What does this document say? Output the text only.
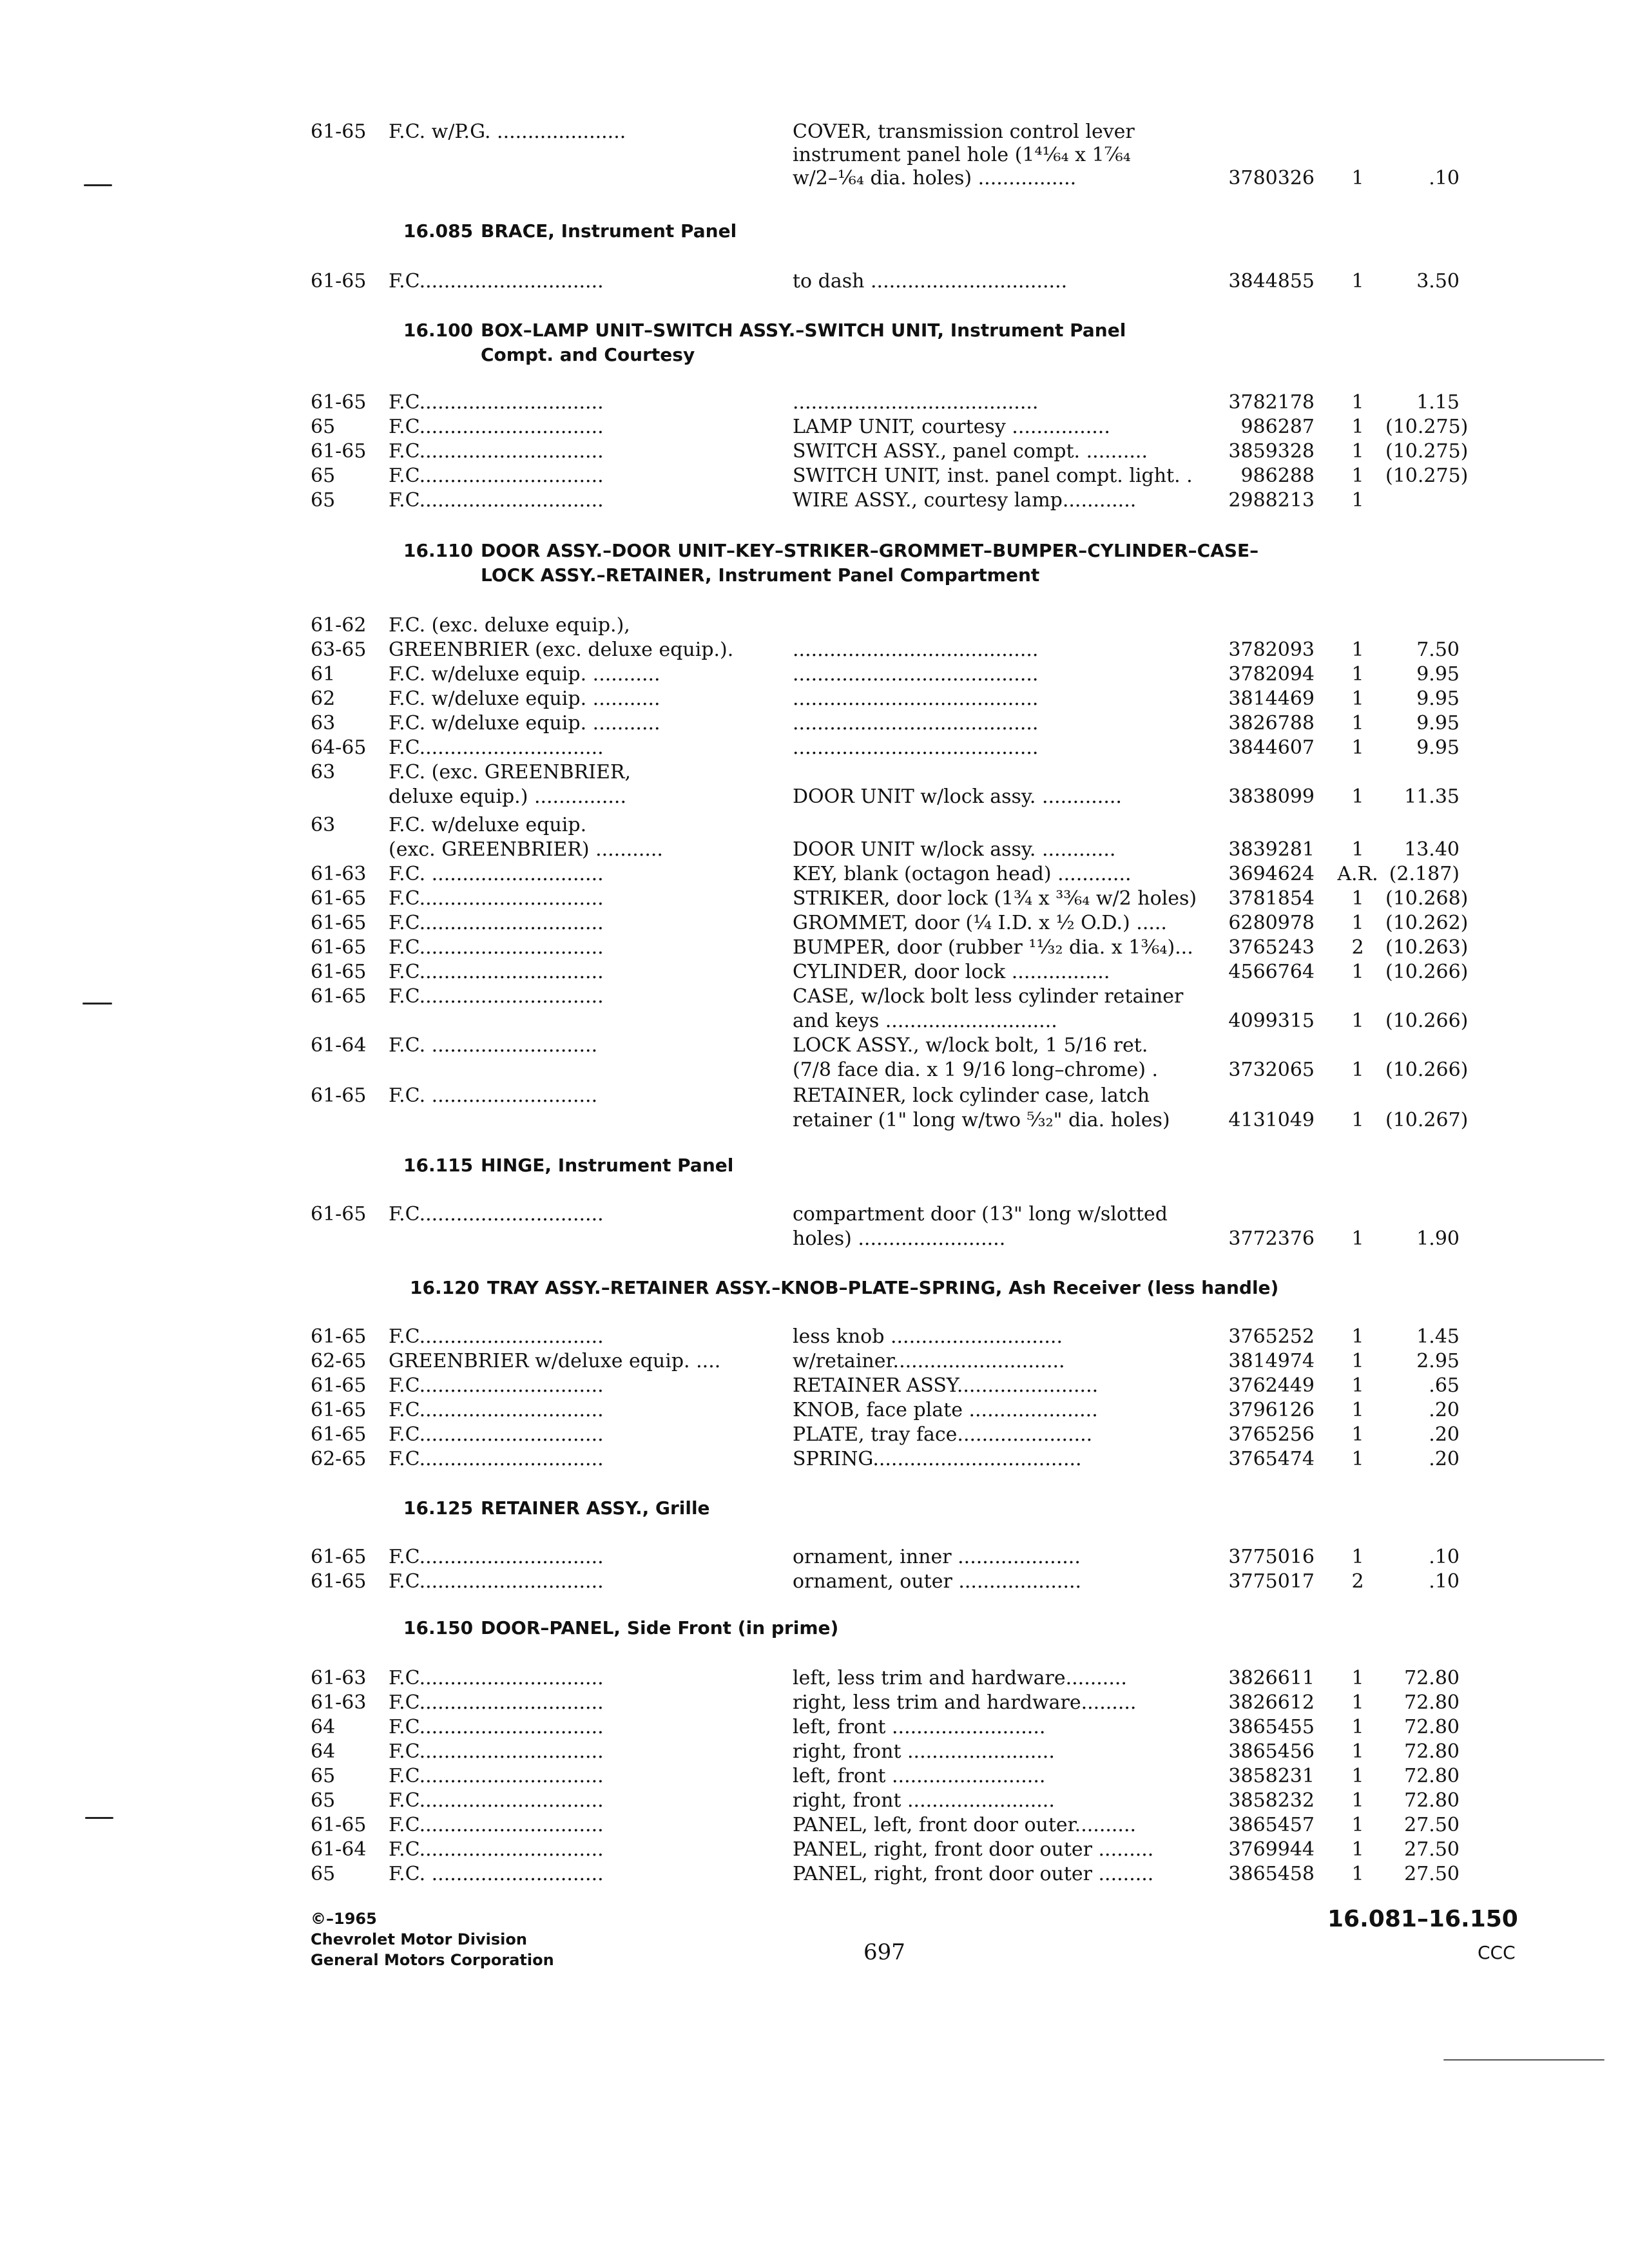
61-65 F.C. w/P.G. .....................	COVER, transmission control lever
instrument panel hole (1⁴¹⁄₆₄ x 1⁷⁄₆₄
w/2–¹⁄₆₄ dia. holes) ................	3780326	1	.10
16.085 BRACE, Instrument Panel
61-65 F.C..............................	to dash ................................	3844855	1	3.50
16.100 BOX–LAMP UNIT–SWITCH ASSY.–SWITCH UNIT, Instrument Panel
Compt. and Courtesy
61-65 F.C..............................	........................................	3782178	1	1.15
65	F.C..............................	LAMP UNIT, courtesy ................	986287	1	(10.275)
61-65 F.C..............................	SWITCH ASSY., panel compt. ..........	3859328	1	(10.275)
65	F.C..............................	SWITCH UNIT, inst. panel compt. light. .	986288	1	(10.275)
65	F.C..............................	WIRE ASSY., courtesy lamp............	2988213	1
16.110 DOOR ASSY.–DOOR UNIT–KEY–STRIKER–GROMMET–BUMPER–CYLINDER–CASE–
LOCK ASSY.–RETAINER, Instrument Panel Compartment
61-62 F.C. (exc. deluxe equip.),
63-65 GREENBRIER (exc. deluxe equip.).	........................................	3782093	1	7.50
61	F.C. w/deluxe equip. ...........	........................................	3782094	1	9.95
62	F.C. w/deluxe equip. ...........	........................................	3814469	1	9.95
63	F.C. w/deluxe equip. ...........	........................................	3826788	1	9.95
64-65 F.C..............................	........................................	3844607	1	9.95
63	F.C. (exc. GREENBRIER,
deluxe equip.) ...............	DOOR UNIT w/lock assy. .............	3838099	1	11.35
63	F.C. w/deluxe equip.
(exc. GREENBRIER) ...........	DOOR UNIT w/lock assy. ............	3839281	1	13.40
61-63 F.C. ............................	KEY, blank (octagon head) ............	3694624	A.R. (2.187)
61-65 F.C..............................	STRIKER, door lock (1³⁄₄ x ³³⁄₆₄ w/2 holes)	3781854	1	(10.268)
61-65 F.C..............................	GROMMET, door (¹⁄₄ I.D. x ¹⁄₂ O.D.) .....	6280978	1	(10.262)
61-65 F.C..............................	BUMPER, door (rubber ¹¹⁄₃₂ dia. x 1³⁄₆₄)...	3765243	2	(10.263)
61-65 F.C..............................	CYLINDER, door lock ................	4566764	1	(10.266)
61-65 F.C..............................	CASE, w/lock bolt less cylinder retainer
and keys ............................	4099315	1	(10.266)
61-64 F.C. ...........................	LOCK ASSY., w/lock bolt, 1 5/16 ret.
(7/8 face dia. x 1 9/16 long–chrome) .	3732065	1	(10.266)
61-65 F.C. ...........................	RETAINER, lock cylinder case, latch
retainer (1" long w/two ⁵⁄₃₂" dia. holes)	4131049	1	(10.267)
16.115 HINGE, Instrument Panel
61-65 F.C..............................	compartment door (13" long w/slotted
holes) ........................	3772376	1	1.90
16.120 TRAY ASSY.–RETAINER ASSY.–KNOB–PLATE–SPRING, Ash Receiver (less handle)
61-65 F.C..............................	less knob ............................	3765252	1	1.45
62-65 GREENBRIER w/deluxe equip. ....	w/retainer............................	3814974	1	2.95
61-65 F.C..............................	RETAINER ASSY.......................	3762449	1	.65
61-65 F.C..............................	KNOB, face plate .....................	3796126	1	.20
61-65 F.C..............................	PLATE, tray face......................	3765256	1	.20
62-65 F.C..............................	SPRING..................................	3765474	1	.20
16.125 RETAINER ASSY., Grille
61-65 F.C..............................	ornament, inner ....................	3775016	1	.10
61-65 F.C..............................	ornament, outer ....................	3775017	2	.10
16.150 DOOR–PANEL, Side Front (in prime)
61-63 F.C..............................	left, less trim and hardware..........	3826611	1	72.80
61-63 F.C..............................	right, less trim and hardware.........	3826612	1	72.80
64	F.C..............................	left, front .........................	3865455	1	72.80
64	F.C..............................	right, front ........................	3865456	1	72.80
65	F.C..............................	left, front .........................	3858231	1	72.80
65	F.C..............................	right, front ........................	3858232	1	72.80
61-65 F.C..............................	PANEL, left, front door outer..........	3865457	1	27.50
61-64 F.C..............................	PANEL, right, front door outer .........	3769944	1	27.50
65	F.C. ............................	PANEL, right, front door outer .........	3865458	1	27.50
©–1965
Chevrolet Motor Division
General Motors Corporation	697
16.081–16.150
CCC
